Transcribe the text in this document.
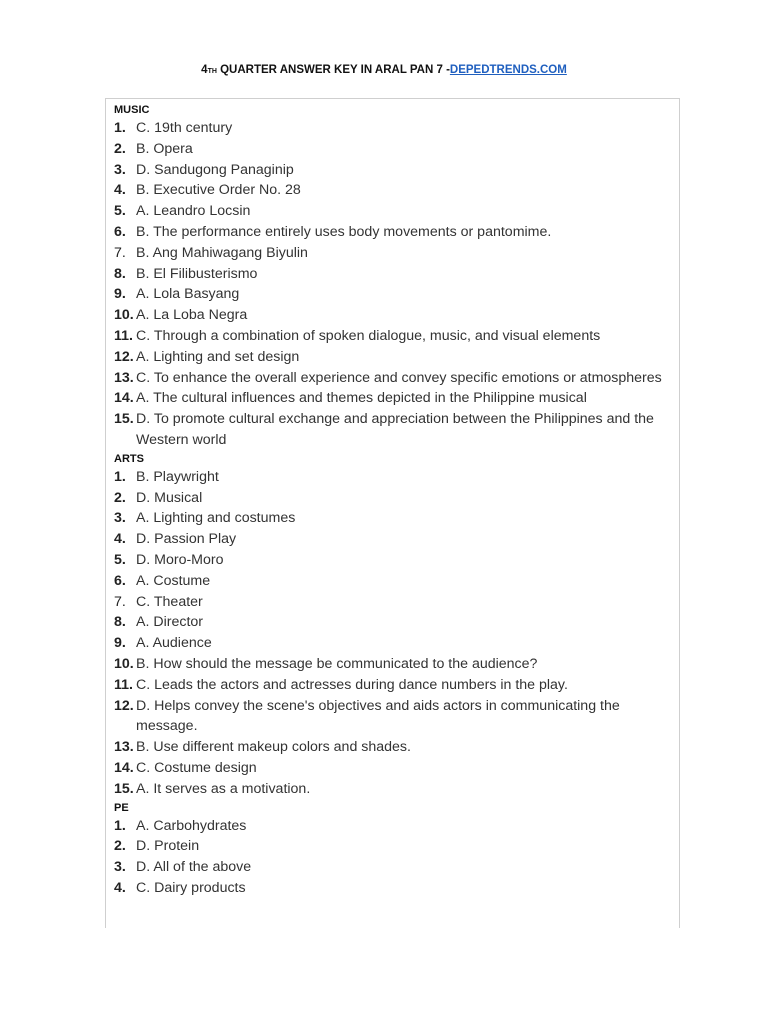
4TH QUARTER ANSWER KEY IN ARAL PAN 7 -DEPEDTRENDS.COM
MUSIC
1. C. 19th century
2. B. Opera
3. D. Sandugong Panaginip
4. B. Executive Order No. 28
5. A. Leandro Locsin
6. B. The performance entirely uses body movements or pantomime.
7. B. Ang Mahiwagang Biyulin
8. B. El Filibusterismo
9. A. Lola Basyang
10. A. La Loba Negra
11. C. Through a combination of spoken dialogue, music, and visual elements
12. A. Lighting and set design
13. C. To enhance the overall experience and convey specific emotions or atmospheres
14. A. The cultural influences and themes depicted in the Philippine musical
15. D. To promote cultural exchange and appreciation between the Philippines and the Western world
ARTS
1. B. Playwright
2. D. Musical
3. A. Lighting and costumes
4. D. Passion Play
5. D. Moro-Moro
6. A. Costume
7. C. Theater
8. A. Director
9. A. Audience
10. B. How should the message be communicated to the audience?
11. C. Leads the actors and actresses during dance numbers in the play.
12. D. Helps convey the scene's objectives and aids actors in communicating the message.
13. B. Use different makeup colors and shades.
14. C. Costume design
15. A. It serves as a motivation.
PE
1. A. Carbohydrates
2. D. Protein
3. D. All of the above
4. C. Dairy products
